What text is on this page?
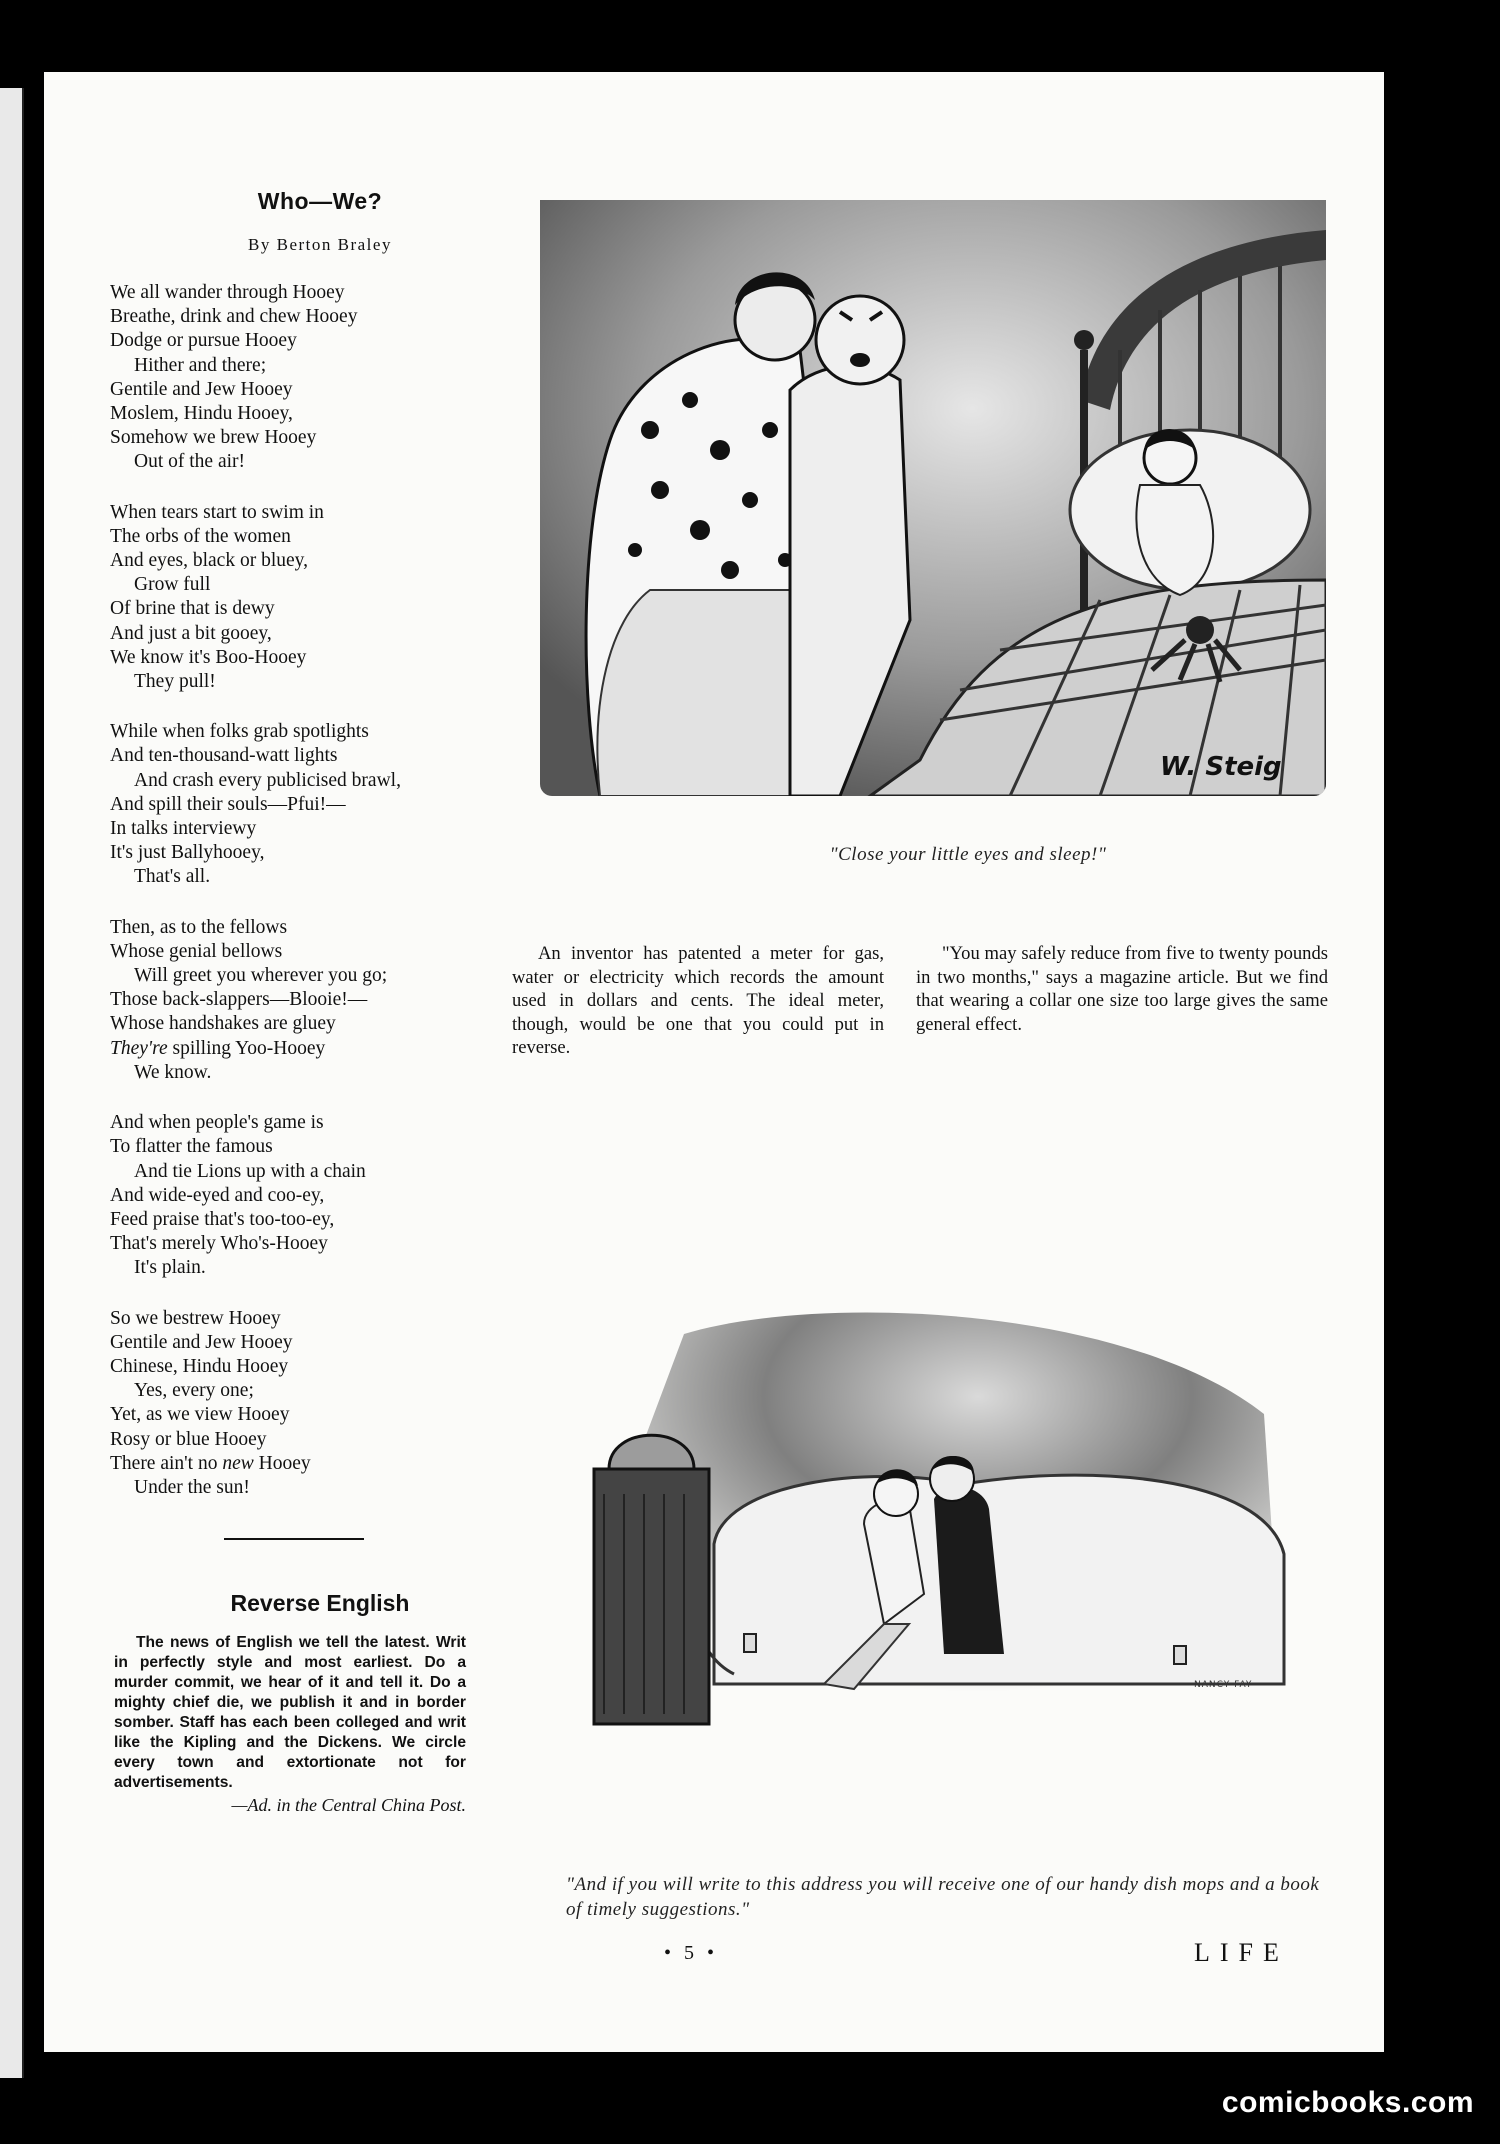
Who—We?
By Berton Braley
We all wander through Hooey
Breathe, drink and chew Hooey
Dodge or pursue Hooey
Hither and there;
Gentile and Jew Hooey
Moslem, Hindu Hooey,
Somehow we brew Hooey
Out of the air!
When tears start to swim in
The orbs of the women
And eyes, black or bluey,
Grow full
Of brine that is dewy
And just a bit gooey,
We know it's Boo-Hooey
They pull!
While when folks grab spotlights
And ten-thousand-watt lights
And crash every publicised brawl,
And spill their souls—Pfui!—
In talks interviewy
It's just Ballyhooey,
That's all.
Then, as to the fellows
Whose genial bellows
Will greet you wherever you go;
Those back-slappers—Blooie!—
Whose handshakes are gluey
They're spilling Yoo-Hooey
We know.
And when people's game is
To flatter the famous
And tie Lions up with a chain
And wide-eyed and coo-ey,
Feed praise that's too-too-ey,
That's merely Who's-Hooey
It's plain.
So we bestrew Hooey
Gentile and Jew Hooey
Chinese, Hindu Hooey
Yes, every one;
Yet, as we view Hooey
Rosy or blue Hooey
There ain't no new Hooey
Under the sun!
Reverse English

The news of English we tell the latest. Writ in perfectly style and most earliest. Do a murder commit, we hear of it and tell it. Do a mighty chief die, we publish it and in border somber. Staff has each been colleged and writ like the Kipling and the Dickens. We circle every town and extortionate not for advertisements.

—Ad. in the Central China Post.
W. Steig
"Close your little eyes and sleep!"

An inventor has patented a meter for gas, water or electricity which records the amount used in dollars and cents. The ideal meter, though, would be one that you could put in reverse.

"You may safely reduce from five to twenty pounds in two months," says a magazine article. But we find that wearing a collar one size too large gives the same general effect.

NANCY FAY
"And if you will write to this address you will receive one of our handy dish mops and a book of timely suggestions."
• 5 •	LIFE
comicbooks.com
